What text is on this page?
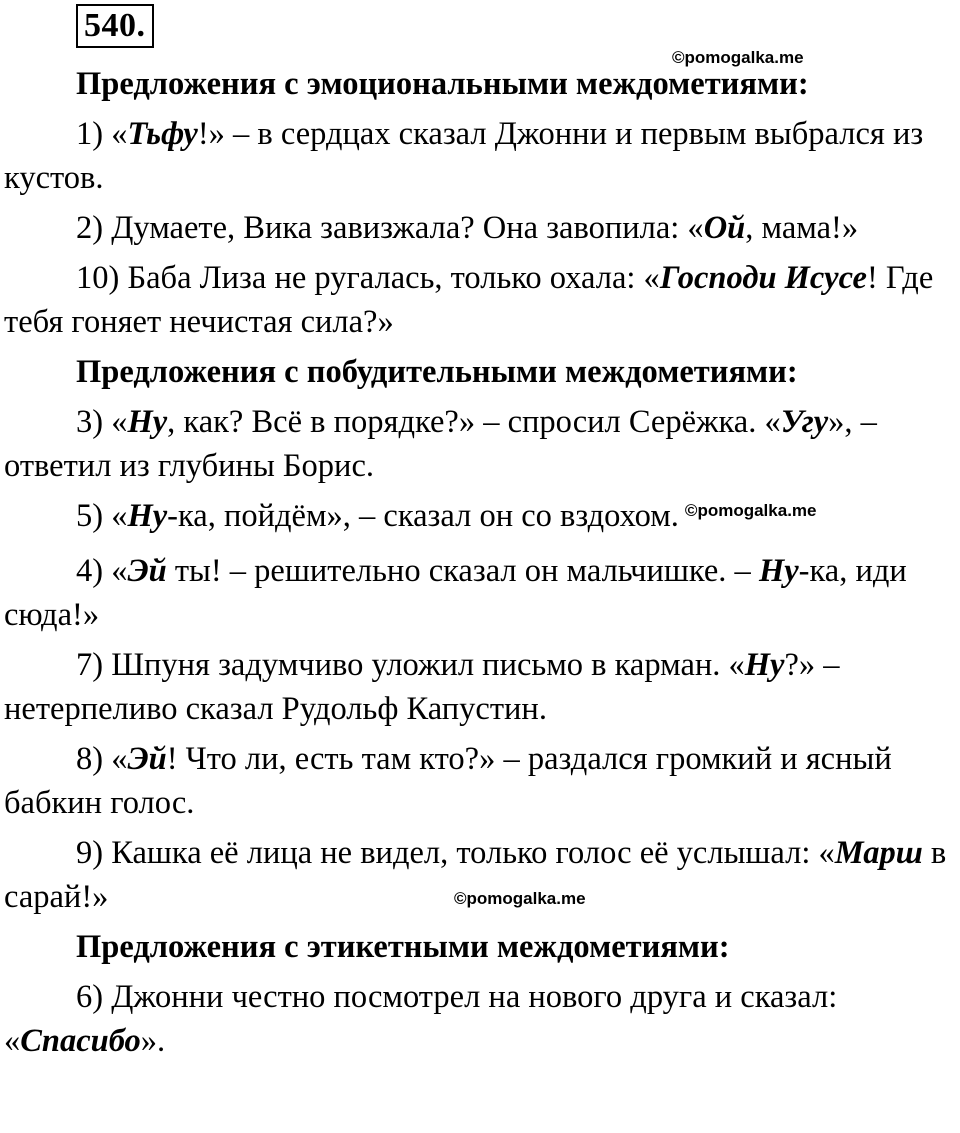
540.
©pomogalka.me
©pomogalka.me

Предложения с эмоциональными междометиями:

1) «Тьфу!» – в сердцах сказал Джонни и первым выбрался из кустов.

2) Думаете, Вика завизжала? Она завопила: «Ой, мама!»

10) Баба Лиза не ругалась, только охала: «Господи Исусе! Где тебя гоняет нечистая сила?»

Предложения с побудительными междометиями:

3) «Ну, как? Всё в порядке?» – спросил Серёжка. «Угу», – ответил из глубины Борис.

5) «Ну-ка, пойдём», – сказал он со вздохом. $^{©pomogalka.me}$

4) «Эй ты! – решительно сказал он мальчишке. – Ну-ка, иди сюда!»

7) Шпуня задумчиво уложил письмо в карман. «Ну?» – нетерпеливо сказал Рудольф Капустин.

8) «Эй! Что ли, есть там кто?» – раздался громкий и ясный бабкин голос.

9) Кашка её лица не видел, только голос её услышал: «Марш в сарай!»

Предложения с этикетными междометиями:

6) Джонни честно посмотрел на нового друга и сказал: «Спасибо».
